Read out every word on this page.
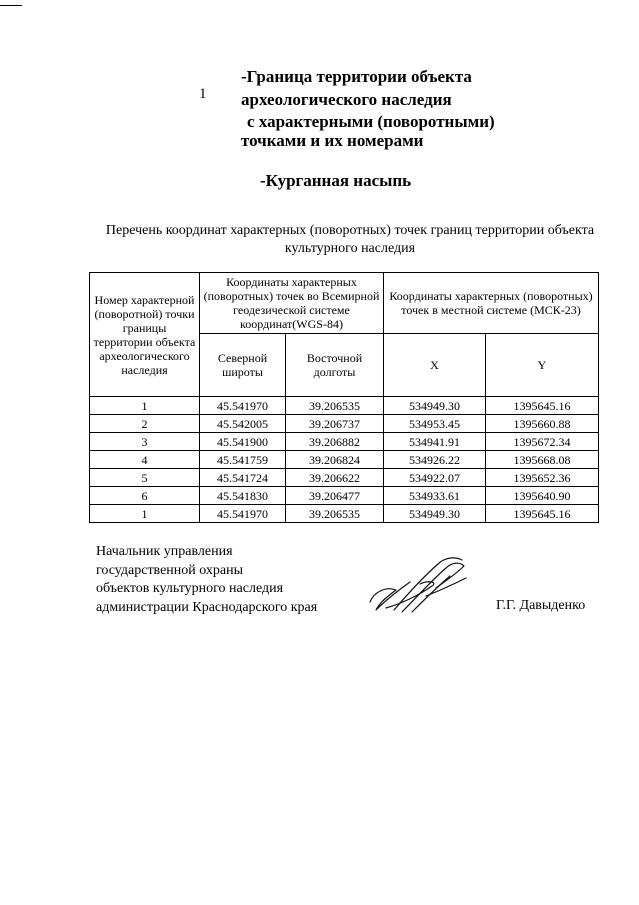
1
-Граница территории объекта
археологического наследия
с характерными (поворотными)
точками и их номерами
-Курганная насыпь
Перечень координат характерных (поворотных) точек границ территории объекта культурного наследия
Номер характерной (поворотной) точки границы территории объекта археологического наследия	Координаты характерных (поворотных) точек во Всемирной геодезической системе координат(WGS-84)		Координаты характерных (поворотных) точек в местной системе (МСК-23)	
	Северной широты	Восточной долготы	X	Y
1	45.541970	39.206535	534949.30	1395645.16
2	45.542005	39.206737	534953.45	1395660.88
3	45.541900	39.206882	534941.91	1395672.34
4	45.541759	39.206824	534926.22	1395668.08
5	45.541724	39.206622	534922.07	1395652.36
6	45.541830	39.206477	534933.61	1395640.90
1	45.541970	39.206535	534949.30	1395645.16
Начальник управления
государственной охраны
объектов культурного наследия
администрации Краснодарского края	Г.Г. Давыденко
